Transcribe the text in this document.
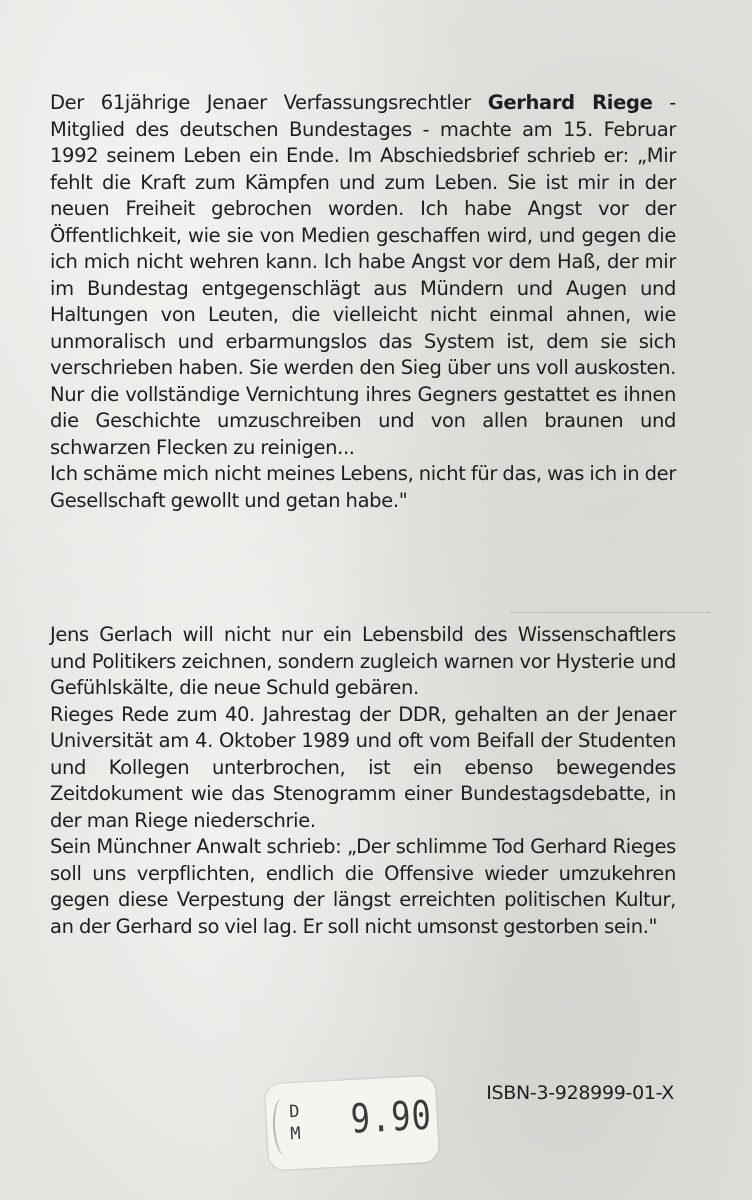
Der 61jährige Jenaer Verfassungsrechtler Gerhard Riege - Mitglied des deutschen Bundestages - machte am 15. Februar 1992 seinem Leben ein Ende. Im Abschiedsbrief schrieb er: „Mir fehlt die Kraft zum Kämpfen und zum Leben. Sie ist mir in der neuen Freiheit gebrochen worden. Ich habe Angst vor der Öffentlichkeit, wie sie von Medien geschaffen wird, und gegen die ich mich nicht wehren kann. Ich habe Angst vor dem Haß, der mir im Bundestag entgegenschlägt aus Mündern und Augen und Haltungen von Leuten, die vielleicht nicht einmal ahnen, wie unmoralisch und erbarmungslos das System ist, dem sie sich verschrieben haben. Sie werden den Sieg über uns voll auskosten. Nur die vollständige Vernichtung ihres Gegners gestattet es ihnen die Geschichte umzuschreiben und von allen braunen und schwarzen Flecken zu reinigen...

Ich schäme mich nicht meines Lebens, nicht für das, was ich in der Gesellschaft gewollt und getan habe."

Jens Gerlach will nicht nur ein Lebensbild des Wissenschaftlers und Politikers zeichnen, sondern zugleich warnen vor Hysterie und Gefühlskälte, die neue Schuld gebären.

Rieges Rede zum 40. Jahrestag der DDR, gehalten an der Jenaer Universität am 4. Oktober 1989 und oft vom Beifall der Studenten und Kollegen unterbrochen, ist ein ebenso bewegendes Zeitdokument wie das Stenogramm einer Bundestagsdebatte, in der man Riege niederschrie.

Sein Münchner Anwalt schrieb: „Der schlimme Tod Gerhard Rieges soll uns verpflichten, endlich die Offensive wieder umzukehren gegen diese Verpestung der längst erreichten politischen Kultur, an der Gerhard so viel lag. Er soll nicht umsonst gestorben sein."

DM 9.90	ISBN-3-928999-01-X
